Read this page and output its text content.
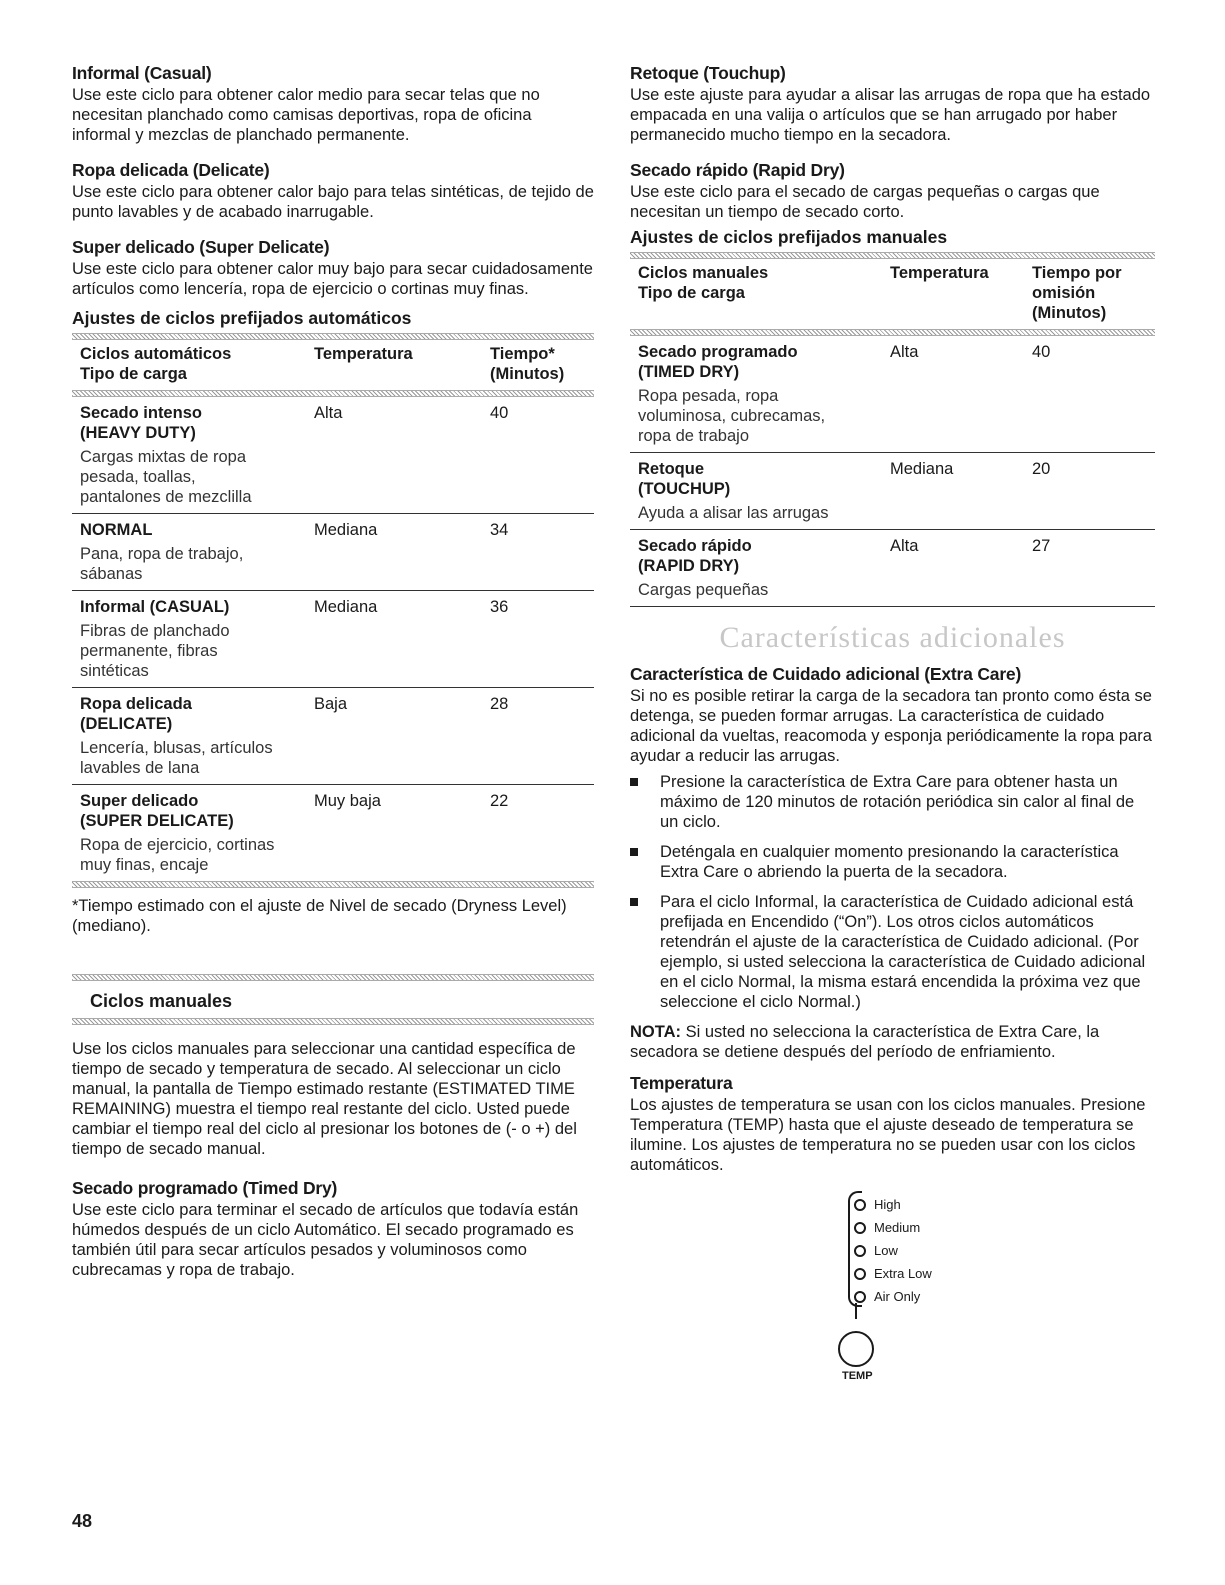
Informal (Casual)

Use este ciclo para obtener calor medio para secar telas que no necesitan planchado como camisas deportivas, ropa de oficina informal y mezclas de planchado permanente.

Ropa delicada (Delicate)

Use este ciclo para obtener calor bajo para telas sintéticas, de tejido de punto lavables y de acabado inarrugable.

Super delicado (Super Delicate)

Use este ciclo para obtener calor muy bajo para secar cuidadosamente artículos como lencería, ropa de ejercicio o cortinas muy finas.

Ajustes de ciclos prefijados automáticos
Ciclos automáticos
Tipo de carga
Temperatura	Tiempo*
(Minutos)
Secado intenso
(HEAVY DUTY)
Cargas mixtas de ropa
pesada, toallas,
pantalones de mezclilla
Alta	40
NORMAL
Pana, ropa de trabajo,
sábanas
Mediana	34
Informal (CASUAL)
Fibras de planchado
permanente, fibras
sintéticas
Mediana	36
Ropa delicada
(DELICATE)
Lencería, blusas, artículos
lavables de lana
Baja	28
Super delicado
(SUPER DELICATE)
Ropa de ejercicio, cortinas
muy finas, encaje
Muy baja	22

*Tiempo estimado con el ajuste de Nivel de secado (Dryness Level) (mediano).

Ciclos manuales

Use los ciclos manuales para seleccionar una cantidad específica de tiempo de secado y temperatura de secado. Al seleccionar un ciclo manual, la pantalla de Tiempo estimado restante (ESTIMATED TIME REMAINING) muestra el tiempo real restante del ciclo. Usted puede cambiar el tiempo real del ciclo al presionar los botones de (- o +) del tiempo de secado manual.

Secado programado (Timed Dry)

Use este ciclo para terminar el secado de artículos que todavía están húmedos después de un ciclo Automático. El secado programado es también útil para secar artículos pesados y voluminosos como cubrecamas y ropa de trabajo.

Retoque (Touchup)

Use este ajuste para ayudar a alisar las arrugas de ropa que ha estado empacada en una valija o artículos que se han arrugado por haber permanecido mucho tiempo en la secadora.

Secado rápido (Rapid Dry)

Use este ciclo para el secado de cargas pequeñas o cargas que necesitan un tiempo de secado corto.

Ajustes de ciclos prefijados manuales
Ciclos manuales
Tipo de carga
Temperatura	Tiempo por
omisión
(Minutos)
Secado programado
(TIMED DRY)
Ropa pesada, ropa
voluminosa, cubrecamas,
ropa de trabajo
Alta	40
Retoque
(TOUCHUP)
Ayuda a alisar las arrugas
Mediana	20
Secado rápido
(RAPID DRY)
Cargas pequeñas
Alta	27
Características adicionales
Característica de Cuidado adicional (Extra Care)

Si no es posible retirar la carga de la secadora tan pronto como ésta se detenga, se pueden formar arrugas. La característica de cuidado adicional da vueltas, reacomoda y esponja periódicamente la ropa para ayudar a reducir las arrugas.

Presione la característica de Extra Care para obtener hasta un máximo de 120 minutos de rotación periódica sin calor al final de un ciclo.
Deténgala en cualquier momento presionando la característica Extra Care o abriendo la puerta de la secadora.
Para el ciclo Informal, la característica de Cuidado adicional está prefijada en Encendido (“On”). Los otros ciclos automáticos retendrán el ajuste de la característica de Cuidado adicional. (Por ejemplo, si usted selecciona la característica de Cuidado adicional en el ciclo Normal, la misma estará encendida la próxima vez que seleccione el ciclo Normal.)

NOTA: Si usted no selecciona la característica de Extra Care, la secadora se detiene después del período de enfriamiento.

Temperatura

Los ajustes de temperatura se usan con los ciclos manuales. Presione Temperatura (TEMP) hasta que el ajuste deseado de temperatura se ilumine. Los ajustes de temperatura no se pueden usar con los ciclos automáticos.

High
Medium
Low
Extra Low
Air Only
TEMP
48
